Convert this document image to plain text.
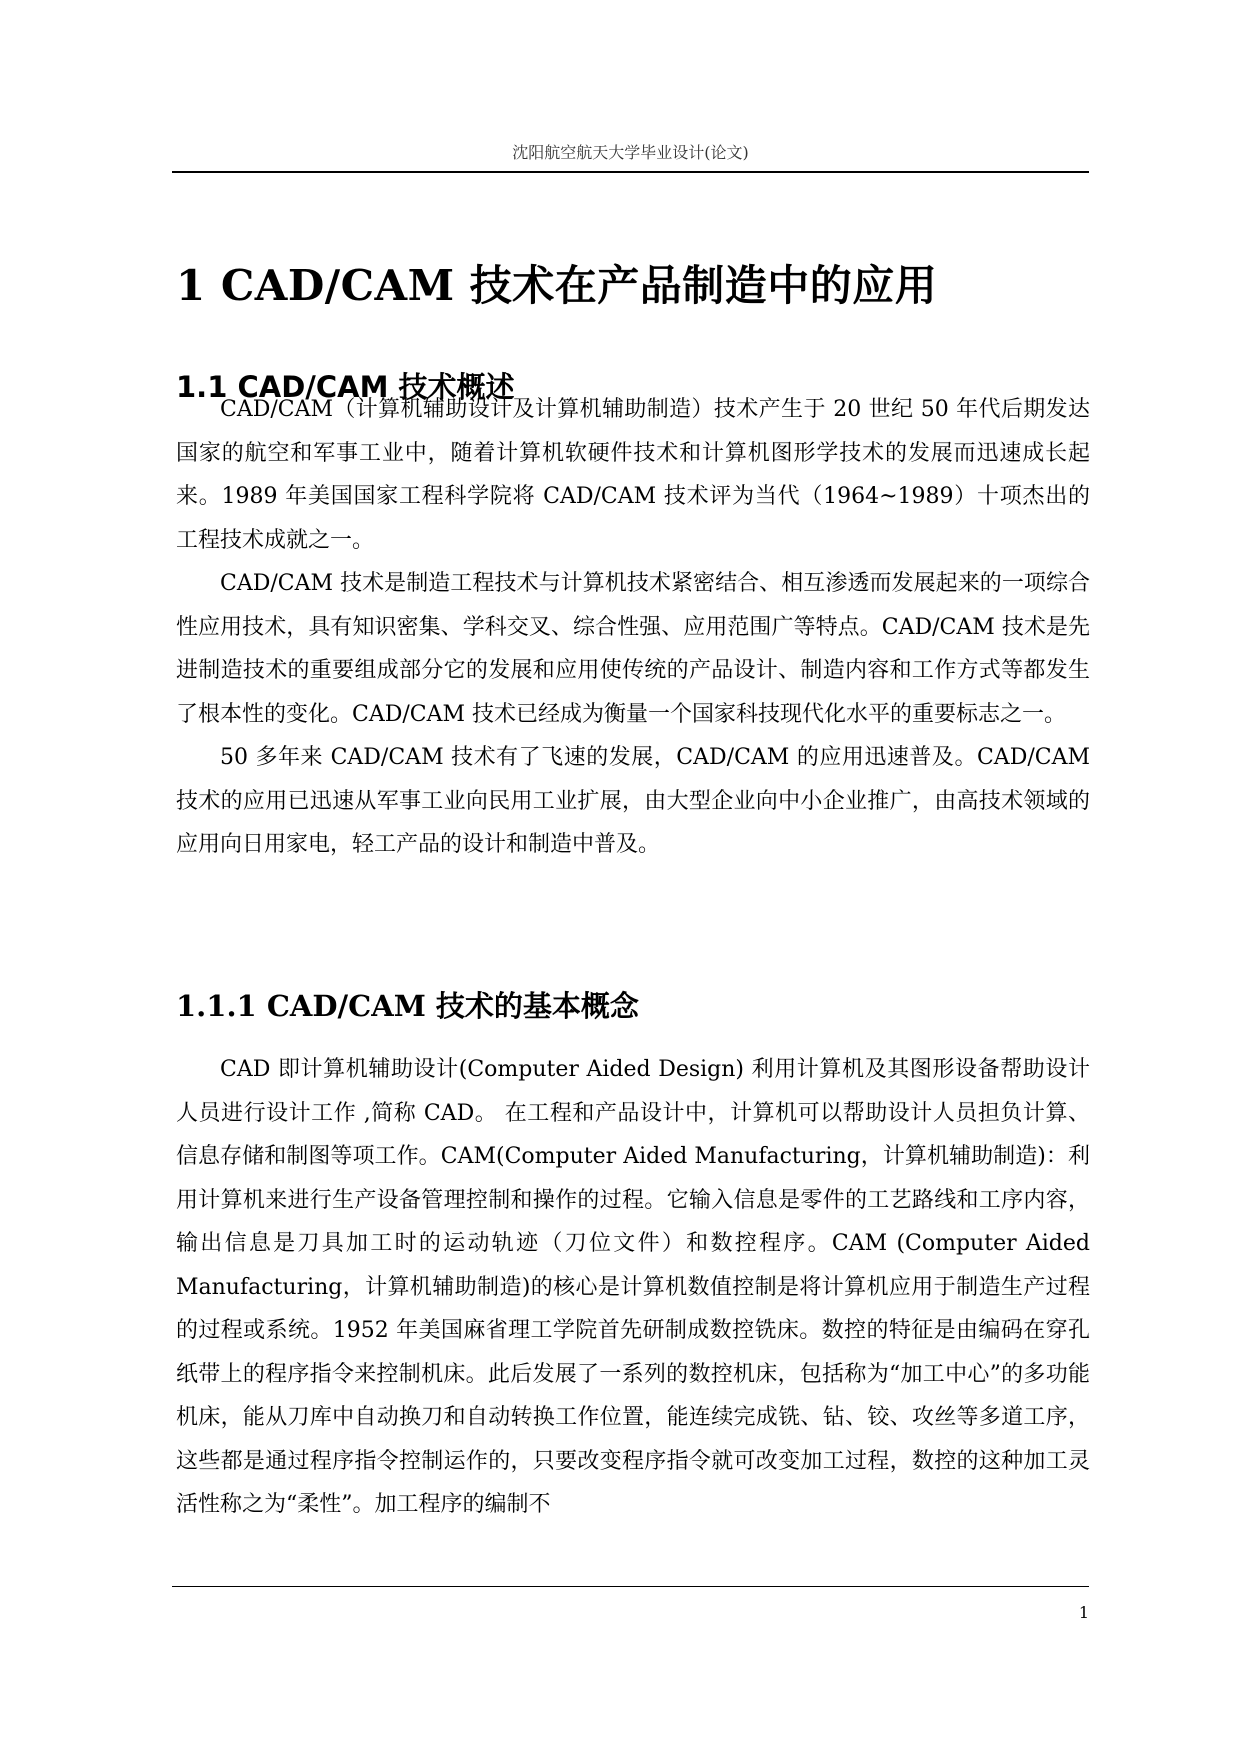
沈阳航空航天大学毕业设计(论文)
1 CAD/CAM 技术在产品制造中的应用
1.1 CAD/CAM 技术概述

CAD/CAM（计算机辅助设计及计算机辅助制造）技术产生于 20 世纪 50 年代后期发达国家的航空和军事工业中，随着计算机软硬件技术和计算机图形学技术的发展而迅速成长起来。1989 年美国国家工程科学院将 CAD/CAM 技术评为当代（1964~1989）十项杰出的工程技术成就之一。

CAD/CAM 技术是制造工程技术与计算机技术紧密结合、相互渗透而发展起来的一项综合性应用技术，具有知识密集、学科交叉、综合性强、应用范围广等特点。CAD/CAM 技术是先进制造技术的重要组成部分它的发展和应用使传统的产品设计、制造内容和工作方式等都发生了根本性的变化。CAD/CAM 技术已经成为衡量一个国家科技现代化水平的重要标志之一。

50 多年来 CAD/CAM 技术有了飞速的发展，CAD/CAM 的应用迅速普及。CAD/CAM 技术的应用已迅速从军事工业向民用工业扩展，由大型企业向中小企业推广，由高技术领域的应用向日用家电，轻工产品的设计和制造中普及。

1.1.1 CAD/CAM 技术的基本概念

CAD 即计算机辅助设计(Computer Aided Design) 利用计算机及其图形设备帮助设计人员进行设计工作 ,简称 CAD。 在工程和产品设计中，计算机可以帮助设计人员担负计算、信息存储和制图等项工作。CAM(Computer Aided Manufacturing，计算机辅助制造)：利用计算机来进行生产设备管理控制和操作的过程。它输入信息是零件的工艺路线和工序内容，输出信息是刀具加工时的运动轨迹（刀位文件）和数控程序。CAM (Computer Aided Manufacturing，计算机辅助制造)的核心是计算机数值控制是将计算机应用于制造生产过程的过程或系统。1952 年美国麻省理工学院首先研制成数控铣床。数控的特征是由编码在穿孔纸带上的程序指令来控制机床。此后发展了一系列的数控机床，包括称为“加工中心”的多功能机床，能从刀库中自动换刀和自动转换工作位置，能连续完成铣、钻、铰、攻丝等多道工序，这些都是通过程序指令控制运作的，只要改变程序指令就可改变加工过程，数控的这种加工灵活性称之为“柔性”。加工程序的编制不

1
